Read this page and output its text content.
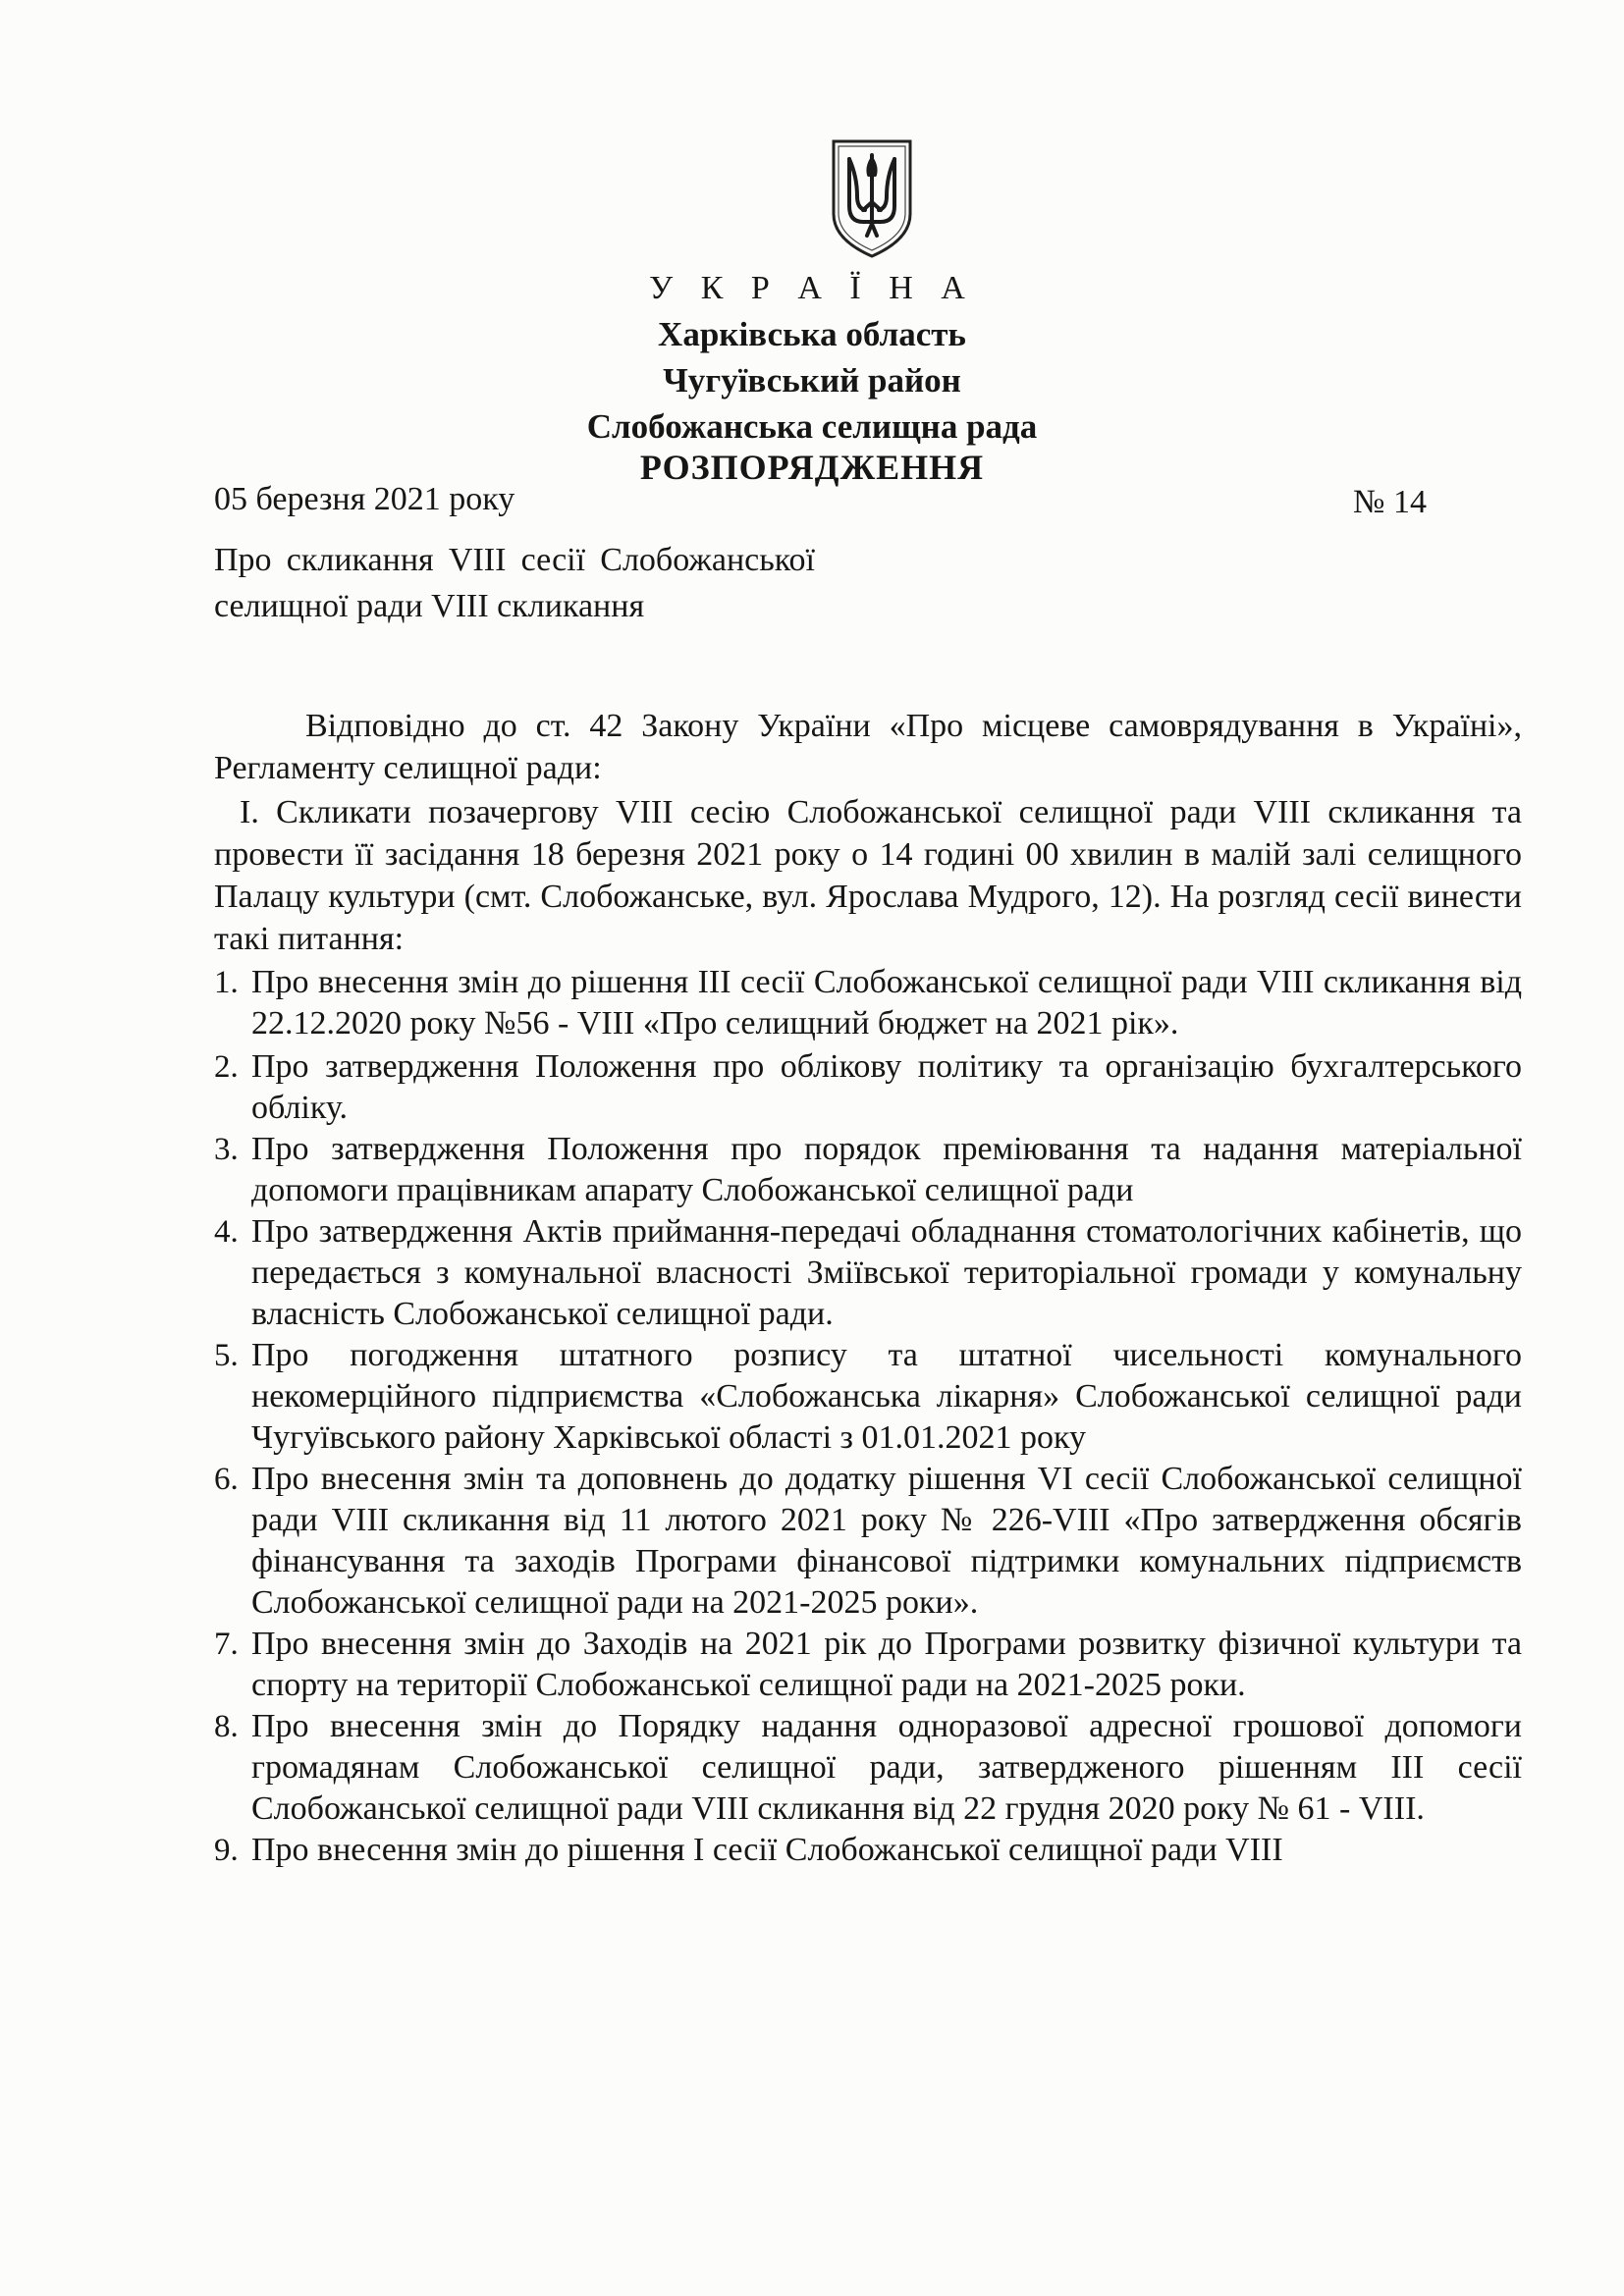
У К Р А Ї Н А
Харківська область
Чугуївський район
Слобожанська селищна рада
РОЗПОРЯДЖЕННЯ
05 березня 2021 року	№ 14
Про скликання VIII сесії Слобожанської селищної ради VIII скликання
Відповідно до ст. 42 Закону України «Про місцеве самоврядування в Україні», Регламенту селищної ради:
І. Скликати позачергову VIII сесію Слобожанської селищної ради VIII скликання та провести її засідання 18 березня 2021 року о 14 годині 00 хвилин в малій залі селищного Палацу культури (смт. Слобожанське, вул. Ярослава Мудрого, 12). На розгляд сесії винести такі питання:
1. Про внесення змін до рішення ІІІ сесії Слобожанської селищної ради VIII скликання від 22.12.2020 року №56 - VIII «Про селищний бюджет на 2021 рік».
2. Про затвердження Положення про облікову політику та організацію бухгалтерського обліку.
3. Про затвердження Положення про порядок преміювання та надання матеріальної допомоги працівникам апарату Слобожанської селищної ради
4. Про затвердження Актів приймання-передачі обладнання стоматологічних кабінетів, що передається з комунальної власності Зміївської територіальної громади у комунальну власність Слобожанської селищної ради.
5. Про погодження штатного розпису та штатної чисельності комунального некомерційного підприємства «Слобожанська лікарня» Слобожанської селищної ради Чугуївського району Харківської області з 01.01.2021 року
6. Про внесення змін та доповнень до додатку рішення VI сесії Слобожанської селищної ради VIII скликання від 11 лютого 2021 року № 226-VIII «Про затвердження обсягів фінансування та заходів Програми фінансової підтримки комунальних підприємств Слобожанської селищної ради на 2021-2025 роки».
7. Про внесення змін до Заходів на 2021 рік до Програми розвитку фізичної культури та спорту на території Слобожанської селищної ради на 2021-2025 роки.
8. Про внесення змін до Порядку надання одноразової адресної грошової допомоги громадянам Слобожанської селищної ради, затвердженого рішенням ІІІ сесії Слобожанської селищної ради VIII скликання від 22 грудня 2020 року № 61 - VIII.
9. Про внесення змін до рішення І сесії Слобожанської селищної ради VIII
